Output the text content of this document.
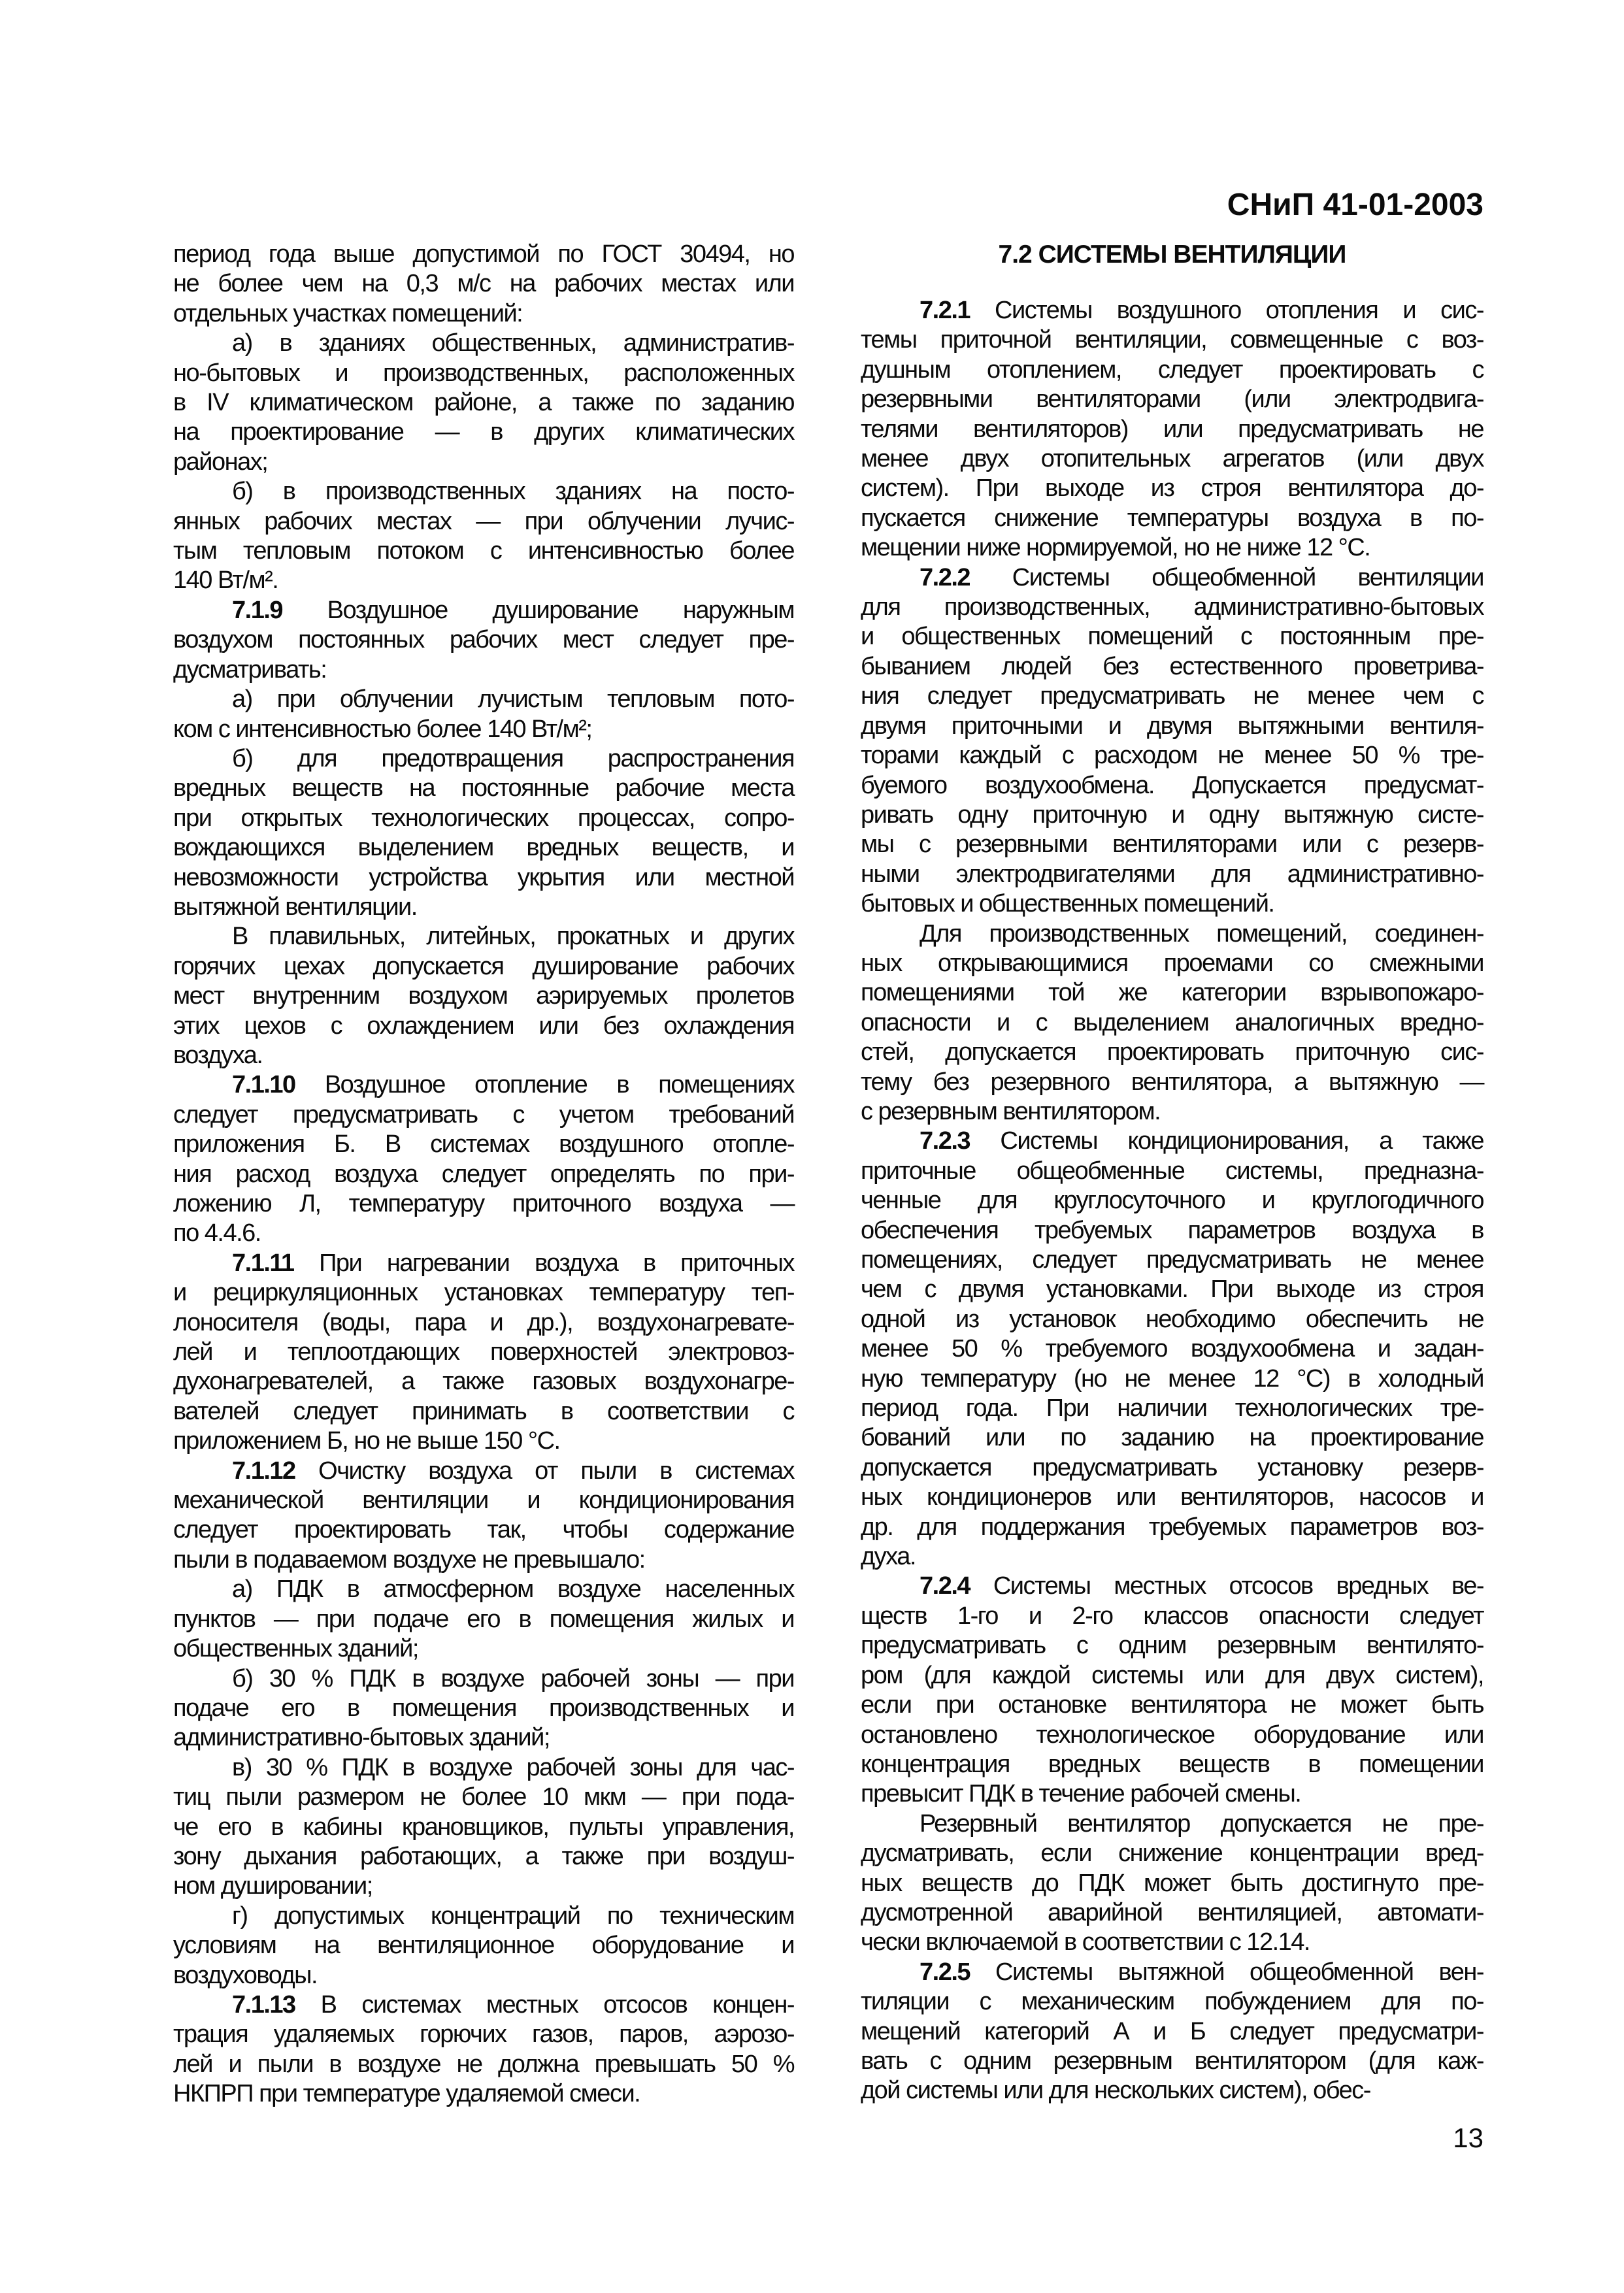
СНиП 41-01-2003
период года выше допустимой по ГОСТ 30494, но
не более чем на 0,3 м/с на рабочих местах или
отдельных участках помещений:
а) в зданиях общественных, административ-
но-бытовых и производственных, расположенных
в IV климатическом районе, а также по заданию
на проектирование — в других климатических
районах;
б) в производственных зданиях на посто-
янных рабочих местах — при облучении лучис-
тым тепловым потоком с интенсивностью более
140 Вт/м².
7.1.9 Воздушное душирование наружным
воздухом постоянных рабочих мест следует пре-
дусматривать:
а) при облучении лучистым тепловым пото-
ком с интенсивностью более 140 Вт/м²;
б) для предотвращения распространения
вредных веществ на постоянные рабочие места
при открытых технологических процессах, сопро-
вождающихся выделением вредных веществ, и
невозможности устройства укрытия или местной
вытяжной вентиляции.
В плавильных, литейных, прокатных и других
горячих цехах допускается душирование рабочих
мест внутренним воздухом аэрируемых пролетов
этих цехов с охлаждением или без охлаждения
воздуха.
7.1.10 Воздушное отопление в помещениях
следует предусматривать с учетом требований
приложения Б. В системах воздушного отопле-
ния расход воздуха следует определять по при-
ложению Л, температуру приточного воздуха —
по 4.4.6.
7.1.11 При нагревании воздуха в приточных
и рециркуляционных установках температуру теп-
лоносителя (воды, пара и др.), воздухонагревате-
лей и теплоотдающих поверхностей электровоз-
духонагревателей, а также газовых воздухонагре-
вателей следует принимать в соответствии с
приложением Б, но не выше 150 °С.
7.1.12 Очистку воздуха от пыли в системах
механической вентиляции и кондиционирования
следует проектировать так, чтобы содержание
пыли в подаваемом воздухе не превышало:
а) ПДК в атмосферном воздухе населенных
пунктов — при подаче его в помещения жилых и
общественных зданий;
б) 30 % ПДК в воздухе рабочей зоны — при
подаче его в помещения производственных и
административно-бытовых зданий;
в) 30 % ПДК в воздухе рабочей зоны для час-
тиц пыли размером не более 10 мкм — при пода-
че его в кабины крановщиков, пульты управления,
зону дыхания работающих, а также при воздуш-
ном душировании;
г) допустимых концентраций по техническим
условиям на вентиляционное оборудование и
воздуховоды.
7.1.13 В системах местных отсосов концен-
трация удаляемых горючих газов, паров, аэрозо-
лей и пыли в воздухе не должна превышать 50 %
НКПРП при температуре удаляемой смеси.
7.2 СИСТЕМЫ ВЕНТИЛЯЦИИ
7.2.1 Системы воздушного отопления и сис-
темы приточной вентиляции, совмещенные с воз-
душным отоплением, следует проектировать с
резервными вентиляторами (или электродвига-
телями вентиляторов) или предусматривать не
менее двух отопительных агрегатов (или двух
систем). При выходе из строя вентилятора до-
пускается снижение температуры воздуха в по-
мещении ниже нормируемой, но не ниже 12 °С.
7.2.2 Системы общеобменной вентиляции
для производственных, административно-бытовых
и общественных помещений с постоянным пре-
быванием людей без естественного проветрива-
ния следует предусматривать не менее чем с
двумя приточными и двумя вытяжными вентиля-
торами каждый с расходом не менее 50 % тре-
буемого воздухообмена. Допускается предусмат-
ривать одну приточную и одну вытяжную систе-
мы с резервными вентиляторами или с резерв-
ными электродвигателями для административно-
бытовых и общественных помещений.
Для производственных помещений, соединен-
ных открывающимися проемами со смежными
помещениями той же категории взрывопожаро-
опасности и с выделением аналогичных вредно-
стей, допускается проектировать приточную сис-
тему без резервного вентилятора, а вытяжную —
с резервным вентилятором.
7.2.3 Системы кондиционирования, а также
приточные общеобменные системы, предназна-
ченные для круглосуточного и круглогодичного
обеспечения требуемых параметров воздуха в
помещениях, следует предусматривать не менее
чем с двумя установками. При выходе из строя
одной из установок необходимо обеспечить не
менее 50 % требуемого воздухообмена и задан-
ную температуру (но не менее 12 °С) в холодный
период года. При наличии технологических тре-
бований или по заданию на проектирование
допускается предусматривать установку резерв-
ных кондиционеров или вентиляторов, насосов и
др. для поддержания требуемых параметров воз-
духа.
7.2.4 Системы местных отсосов вредных ве-
ществ 1-го и 2-го классов опасности следует
предусматривать с одним резервным вентилято-
ром (для каждой системы или для двух систем),
если при остановке вентилятора не может быть
остановлено технологическое оборудование или
концентрация вредных веществ в помещении
превысит ПДК в течение рабочей смены.
Резервный вентилятор допускается не пре-
дусматривать, если снижение концентрации вред-
ных веществ до ПДК может быть достигнуто пре-
дусмотренной аварийной вентиляцией, автомати-
чески включаемой в соответствии с 12.14.
7.2.5 Системы вытяжной общеобменной вен-
тиляции с механическим побуждением для по-
мещений категорий А и Б следует предусматри-
вать с одним резервным вентилятором (для каж-
дой системы или для нескольких систем), обес-
13
